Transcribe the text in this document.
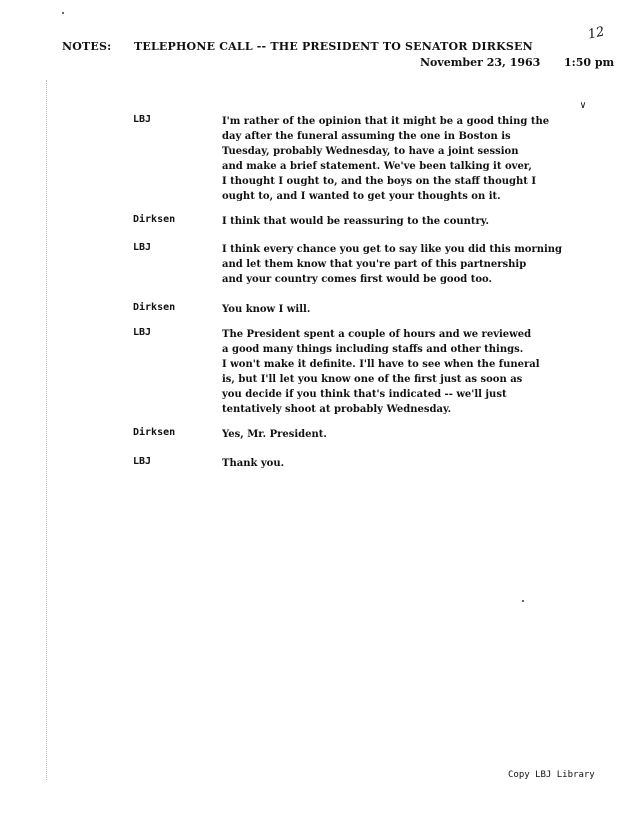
12
NOTES: TELEPHONE CALL -- THE PRESIDENT TO SENATOR DIRKSEN
November 23, 1963 1:50 pm
∨
LBJ	I'm rather of the opinion that it might be a good thing the
day after the funeral assuming the one in Boston is
Tuesday, probably Wednesday, to have a joint session
and make a brief statement. We've been talking it over,
I thought I ought to, and the boys on the staff thought I
ought to, and I wanted to get your thoughts on it.
Dirksen	I think that would be reassuring to the country.
LBJ	I think every chance you get to say like you did this morning
and let them know that you're part of this partnership
and your country comes first would be good too.
Dirksen	You know I will.
LBJ	The President spent a couple of hours and we reviewed
a good many things including staffs and other things.
I won't make it definite. I'll have to see when the funeral
is, but I'll let you know one of the first just as soon as
you decide if you think that's indicated -- we'll just
tentatively shoot at probably Wednesday.
Dirksen	Yes, Mr. President.
LBJ	Thank you.
Copy LBJ Library
